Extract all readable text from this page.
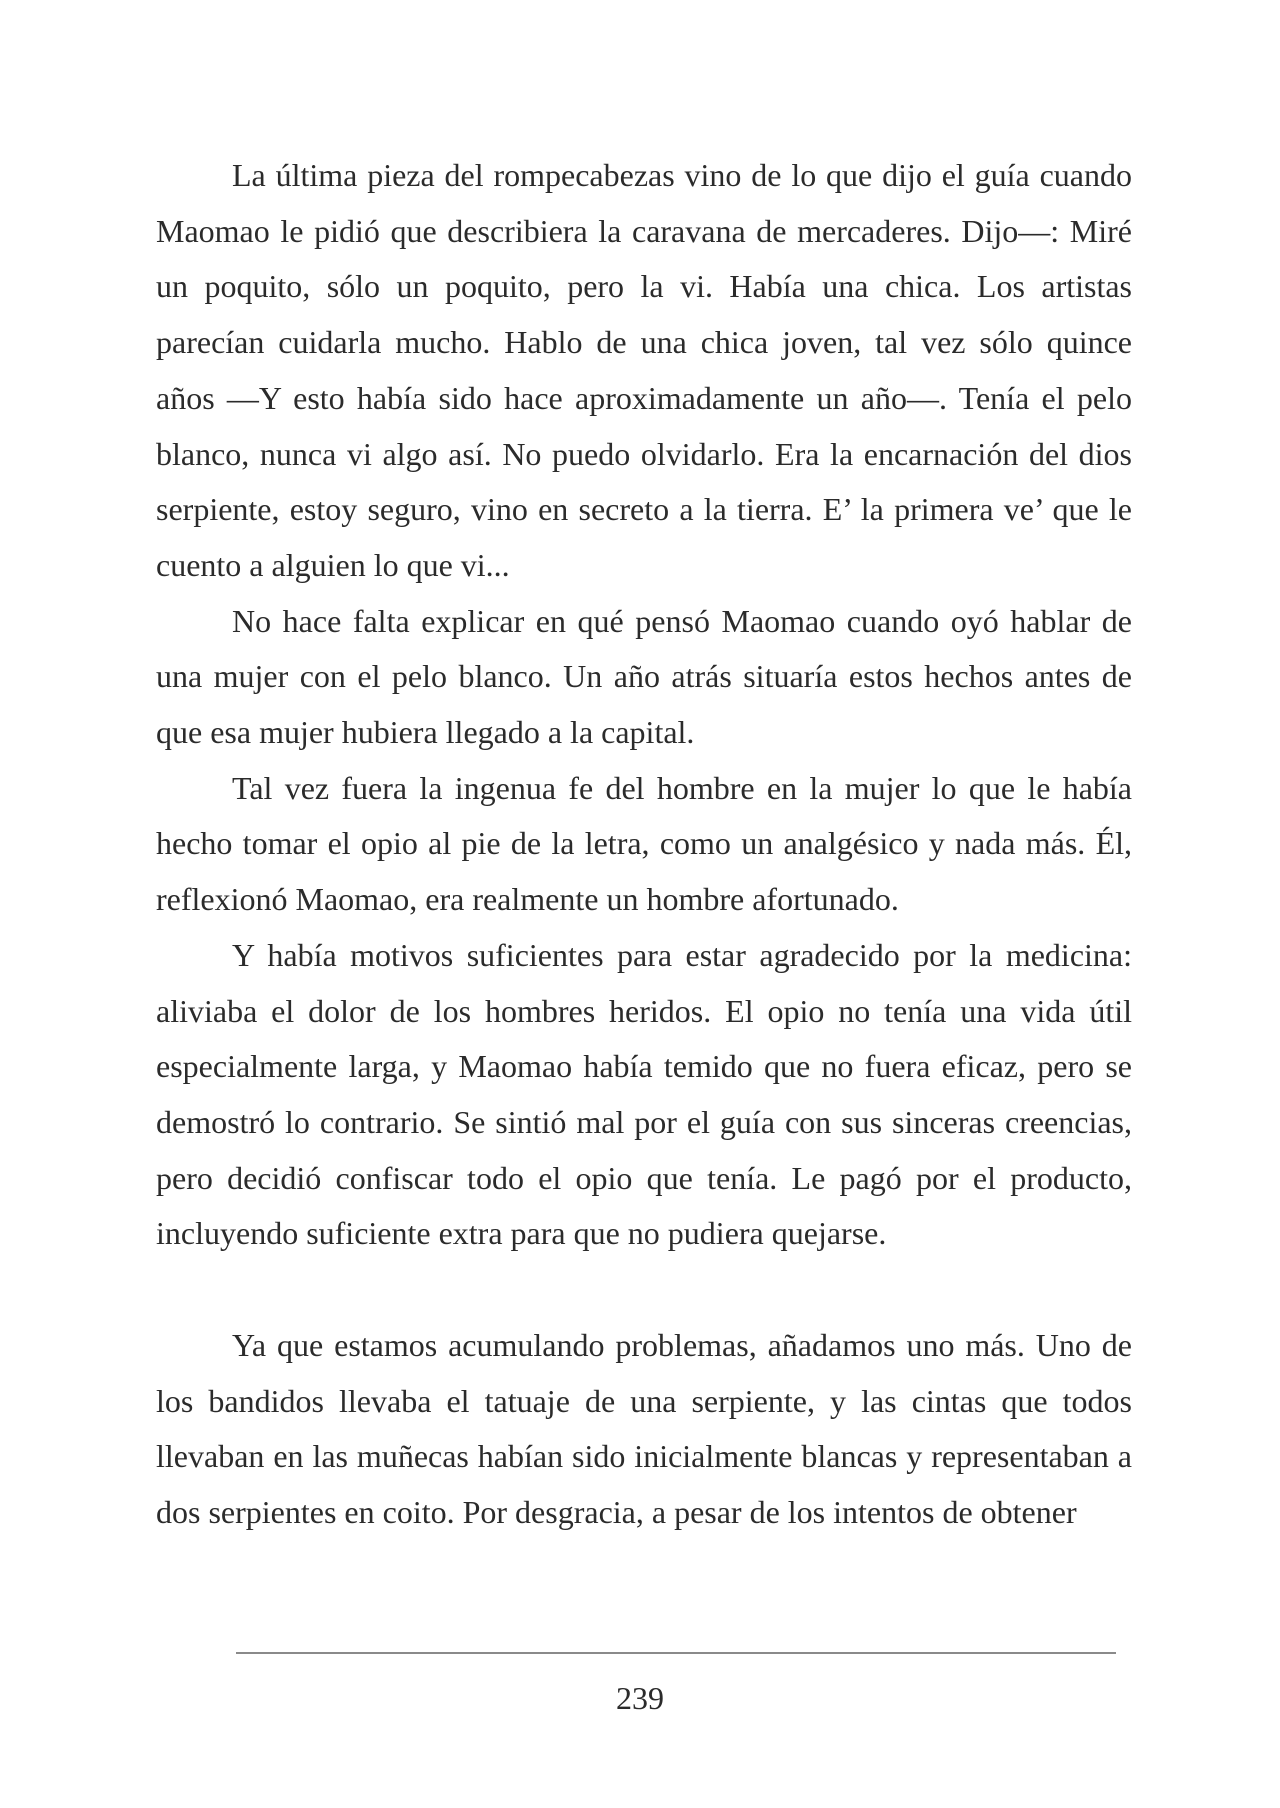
La última pieza del rompecabezas vino de lo que dijo el guía cuando Maomao le pidió que describiera la caravana de mercaderes. Dijo—: Miré un poquito, sólo un poquito, pero la vi. Había una chica. Los artistas parecían cuidarla mucho. Hablo de una chica joven, tal vez sólo quince años —Y esto había sido hace aproximadamente un año—. Tenía el pelo blanco, nunca vi algo así. No puedo olvidarlo. Era la encarnación del dios serpiente, estoy seguro, vino en secreto a la tierra. E’ la primera ve’ que le cuento a alguien lo que vi...

No hace falta explicar en qué pensó Maomao cuando oyó hablar de una mujer con el pelo blanco. Un año atrás situaría estos hechos antes de que esa mujer hubiera llegado a la capital.

Tal vez fuera la ingenua fe del hombre en la mujer lo que le había hecho tomar el opio al pie de la letra, como un analgésico y nada más. Él, reflexionó Maomao, era realmente un hombre afortunado.

Y había motivos suficientes para estar agradecido por la medicina: aliviaba el dolor de los hombres heridos. El opio no tenía una vida útil especialmente larga, y Maomao había temido que no fuera eficaz, pero se demostró lo contrario. Se sintió mal por el guía con sus sinceras creencias, pero decidió confiscar todo el opio que tenía. Le pagó por el producto, incluyendo suficiente extra para que no pudiera quejarse.

Ya que estamos acumulando problemas, añadamos uno más. Uno de los bandidos llevaba el tatuaje de una serpiente, y las cintas que todos llevaban en las muñecas habían sido inicialmente blancas y representaban a dos serpientes en coito. Por desgracia, a pesar de los intentos de obtener

239
